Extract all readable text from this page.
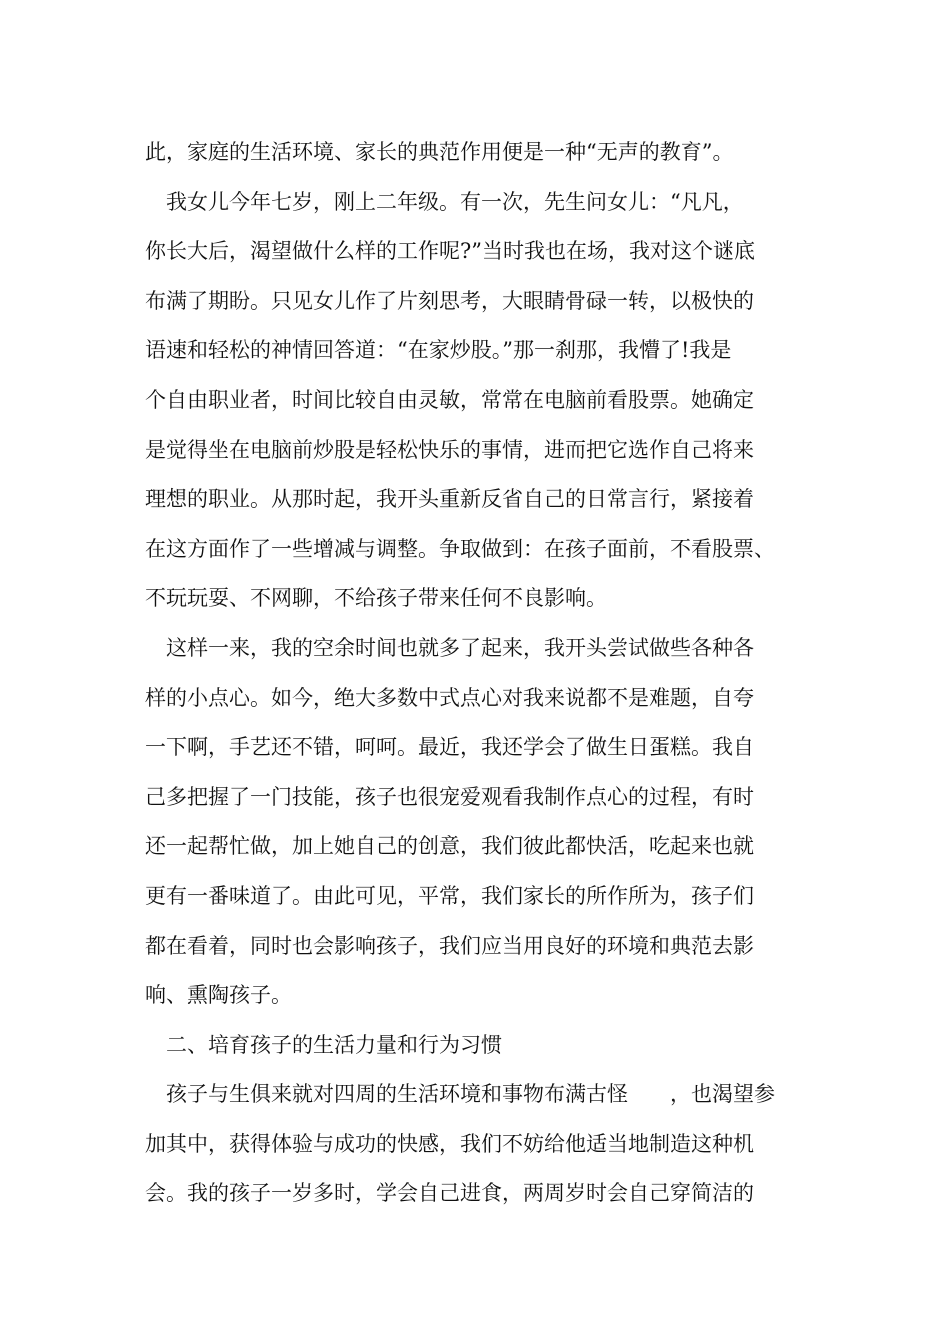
此，家庭的生活环境、家长的典范作用便是一种“无声的教育”。
我女儿今年七岁，刚上二年级。有一次，先生问女儿：“凡凡，
你长大后，渴望做什么样的工作呢?”当时我也在场，我对这个谜底
布满了期盼。只见女儿作了片刻思考，大眼睛骨碌一转，以极快的
语速和轻松的神情回答道：“在家炒股。”那一刹那，我懵了!我是
个自由职业者，时间比较自由灵敏，常常在电脑前看股票。她确定
是觉得坐在电脑前炒股是轻松快乐的事情，进而把它选作自己将来
理想的职业。从那时起，我开头重新反省自己的日常言行，紧接着
在这方面作了一些增减与调整。争取做到：在孩子面前，不看股票、
不玩玩耍、不网聊，不给孩子带来任何不良影响。
这样一来，我的空余时间也就多了起来，我开头尝试做些各种各
样的小点心。如今，绝大多数中式点心对我来说都不是难题，自夸
一下啊，手艺还不错，呵呵。最近，我还学会了做生日蛋糕。我自
己多把握了一门技能，孩子也很宠爱观看我制作点心的过程，有时
还一起帮忙做，加上她自己的创意，我们彼此都快活，吃起来也就
更有一番味道了。由此可见，平常，我们家长的所作所为，孩子们
都在看着，同时也会影响孩子，我们应当用良好的环境和典范去影
响、熏陶孩子。
二、培育孩子的生活力量和行为习惯
孩子与生俱来就对四周的生活环境和事物布满古怪　　，也渴望参
加其中，获得体验与成功的快感，我们不妨给他适当地制造这种机
会。我的孩子一岁多时，学会自己进食，两周岁时会自己穿简洁的
